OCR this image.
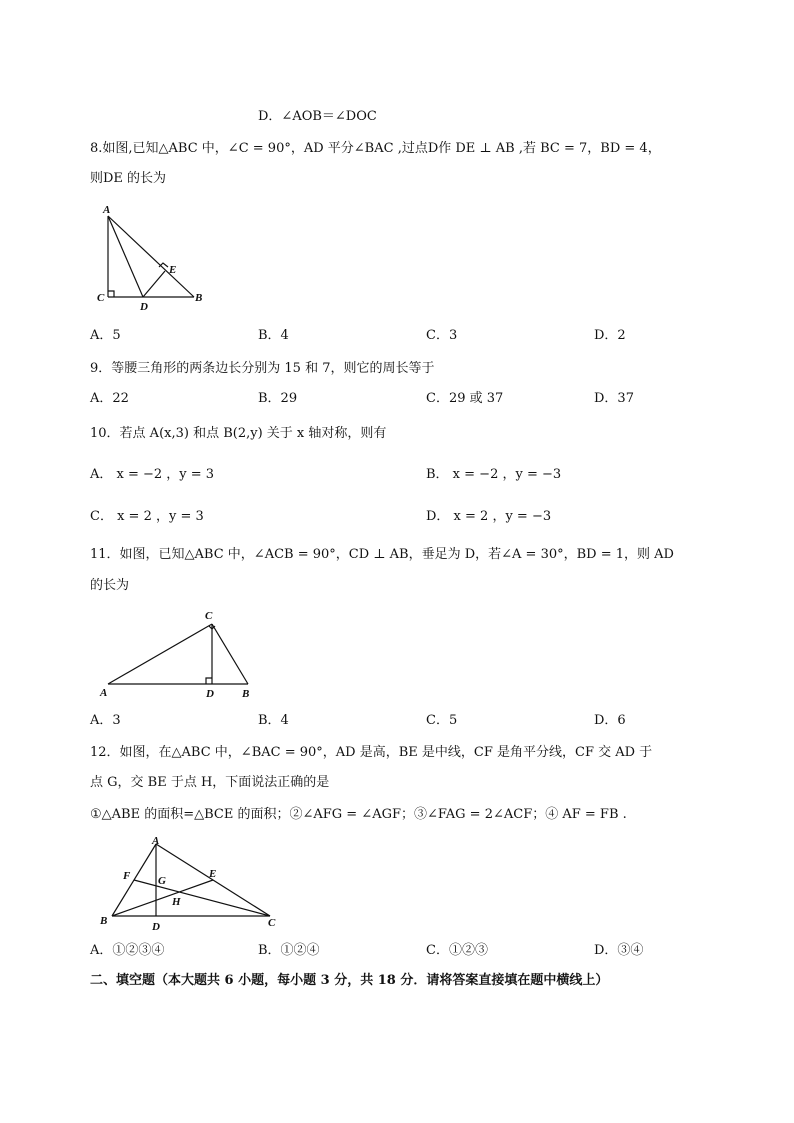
D．∠AOB＝∠DOC
8.如图,已知△ABC 中，∠C = 90°，AD 平分∠BAC ,过点D作 DE ⊥ AB ,若 BC = 7，BD = 4，
则DE 的长为
A
C
D
E
B
A．5	B．4	C．3	D．2
9．等腰三角形的两条边长分别为 15 和 7，则它的周长等于
A．22	B．29	C．29 或 37	D．37
10．若点 A(x,3) 和点 B(2,y) 关于 x 轴对称，则有
A． x = −2 ，y = 3	B． x = −2 ，y = −3
C． x = 2 ，y = 3	D． x = 2 ，y = −3
11．如图，已知△ABC 中，∠ACB = 90°，CD ⊥ AB，垂足为 D，若∠A = 30°，BD = 1，则 AD
的长为
C
A	D	B
A．3	B．4	C．5	D．6
12．如图，在△ABC 中，∠BAC = 90°，AD 是高，BE 是中线，CF 是角平分线，CF 交 AD 于
点 G，交 BE 于点 H，下面说法正确的是
①△ABE 的面积=△BCE 的面积；②∠AFG = ∠AGF；③∠FAG = 2∠ACF；④ AF = FB .
A
F	G
E
H
B	D	C
A．①②③④	B．①②④	C．①②③	D．③④
二、填空题（本大题共 6 小题，每小题 3 分，共 18 分．请将答案直接填在题中横线上）
